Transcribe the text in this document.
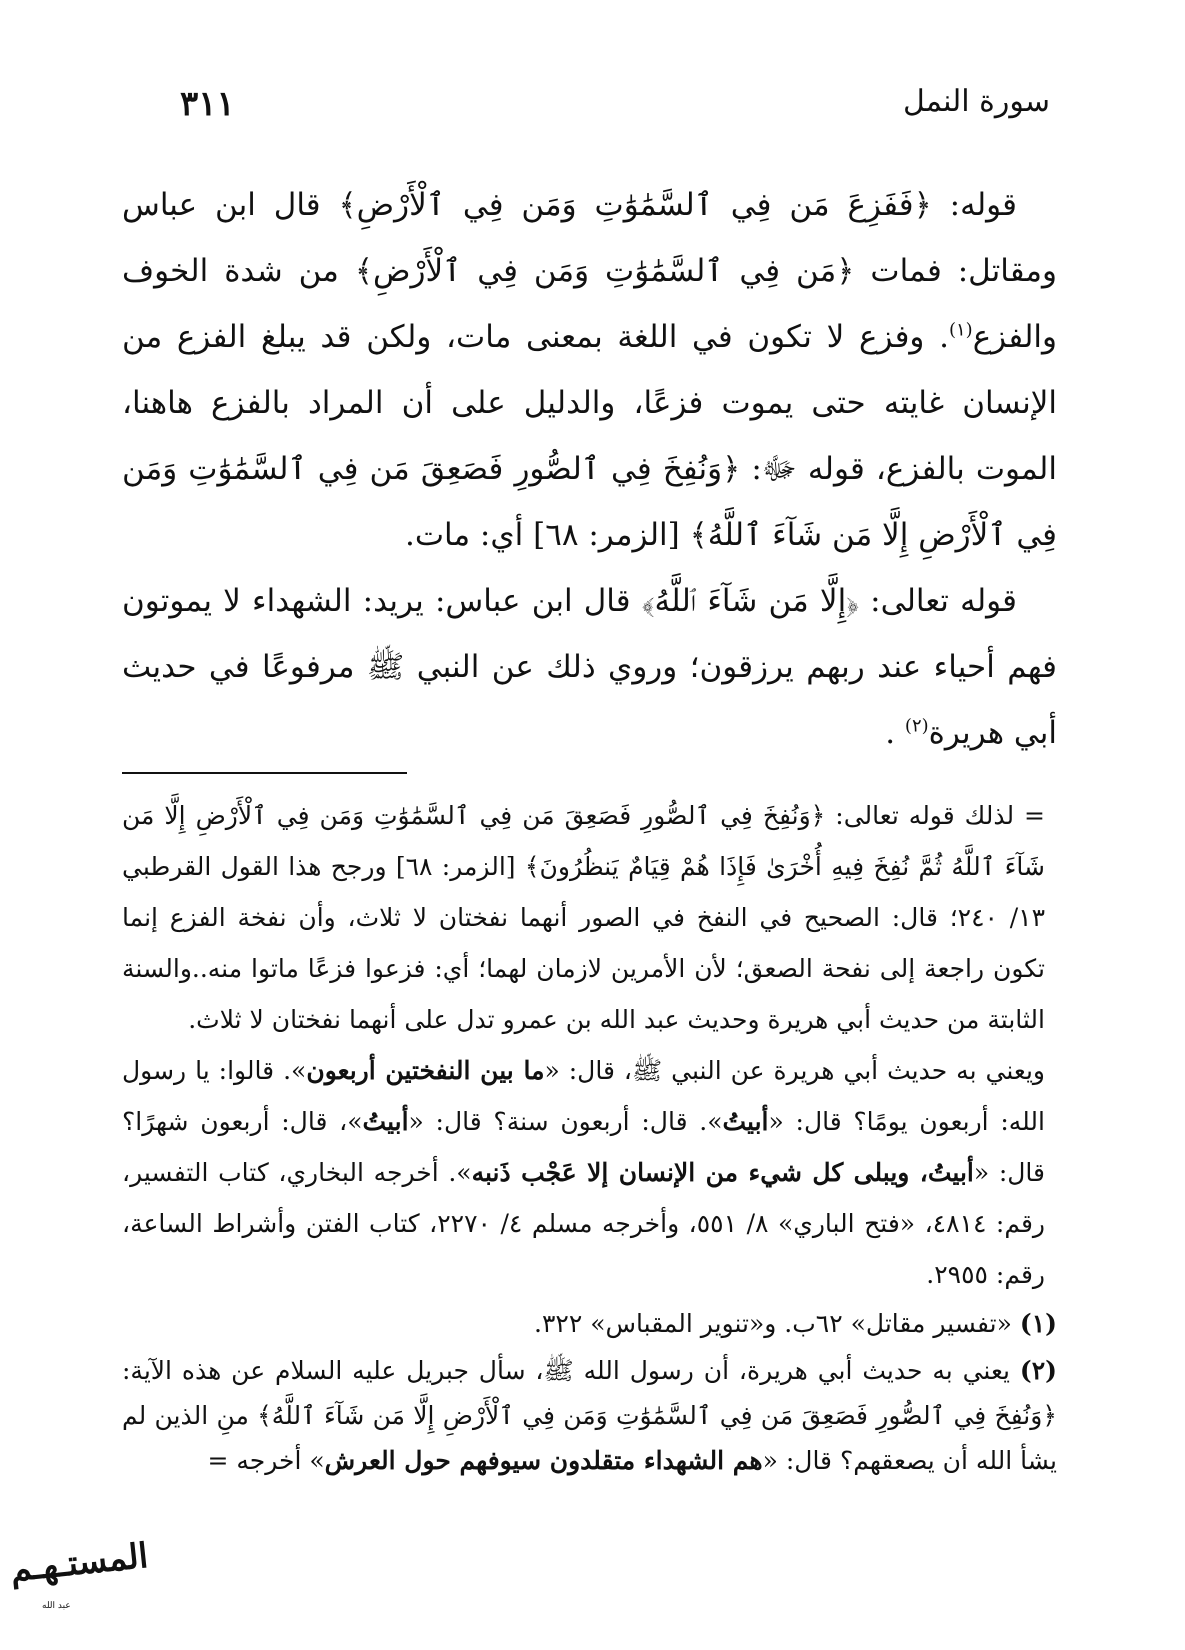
سورة النمل
٣١١

قوله: ﴿فَفَزِعَ مَن فِي ٱلسَّمَٰوَٰتِ وَمَن فِي ٱلْأَرْضِ﴾ قال ابن عباس ومقاتل: فمات ﴿مَن فِي ٱلسَّمَٰوَٰتِ وَمَن فِي ٱلْأَرْضِ﴾ من شدة الخوف والفزع$^{(١)}$. وفزع لا تكون في اللغة بمعنى مات، ولكن قد يبلغ الفزع من الإنسان غايته حتى يموت فزعًا، والدليل على أن المراد بالفزع هاهنا، الموت بالفزع، قوله ﷻ: ﴿وَنُفِخَ فِي ٱلصُّورِ فَصَعِقَ مَن فِي ٱلسَّمَٰوَٰتِ وَمَن فِي ٱلْأَرْضِ إِلَّا مَن شَآءَ ٱللَّهُ﴾ [الزمر: ٦٨] أي: مات.

قوله تعالى: ﴿إِلَّا مَن شَآءَ ٱللَّهُ﴾ قال ابن عباس: يريد: الشهداء لا يموتون فهم أحياء عند ربهم يرزقون؛ وروي ذلك عن النبي ﷺ مرفوعًا في حديث أبي هريرة$^{(٢)}$ .

= لذلك قوله تعالى: ﴿وَنُفِخَ فِي ٱلصُّورِ فَصَعِقَ مَن فِي ٱلسَّمَٰوَٰتِ وَمَن فِي ٱلْأَرْضِ إِلَّا مَن شَآءَ ٱللَّهُ ثُمَّ نُفِخَ فِيهِ أُخْرَىٰ فَإِذَا هُمْ قِيَامٌ يَنظُرُونَ﴾ [الزمر: ٦٨] ورجح هذا القول القرطبي ١٣/ ٢٤٠؛ قال: الصحيح في النفخ في الصور أنهما نفختان لا ثلاث، وأن نفخة الفزع إنما تكون راجعة إلى نفحة الصعق؛ لأن الأمرين لازمان لهما؛ أي: فزعوا فزعًا ماتوا منه..والسنة الثابتة من حديث أبي هريرة وحديث عبد الله بن عمرو تدل على أنهما نفختان لا ثلاث.

ويعني به حديث أبي هريرة عن النبي ﷺ، قال: «ما بين النفختين أربعون». قالوا: يا رسول الله: أربعون يومًا؟ قال: «أبيتُ». قال: أربعون سنة؟ قال: «أبيتُ»، قال: أربعون شهرًا؟ قال: «أبيتُ، ويبلى كل شيء من الإنسان إلا عَجْب ذَنبه». أخرجه البخاري، كتاب التفسير، رقم: ٤٨١٤، «فتح الباري» ٨/ ٥٥١، وأخرجه مسلم ٤/ ٢٢٧٠، كتاب الفتن وأشراط الساعة، رقم: ٢٩٥٥.

(١) «تفسير مقاتل» ٦٢ب. و«تنوير المقباس» ٣٢٢.

(٢) يعني به حديث أبي هريرة، أن رسول الله ﷺ، سأل جبريل عليه السلام عن هذه الآية: ﴿وَنُفِخَ فِي ٱلصُّورِ فَصَعِقَ مَن فِي ٱلسَّمَٰوَٰتِ وَمَن فِي ٱلْأَرْضِ إِلَّا مَن شَآءَ ٱللَّهُ﴾ منِ الذين لم يشأ الله أن يصعقهم؟ قال: «هم الشهداء متقلدون سيوفهم حول العرش» أخرجه =

المستـهـم
عبد الله
